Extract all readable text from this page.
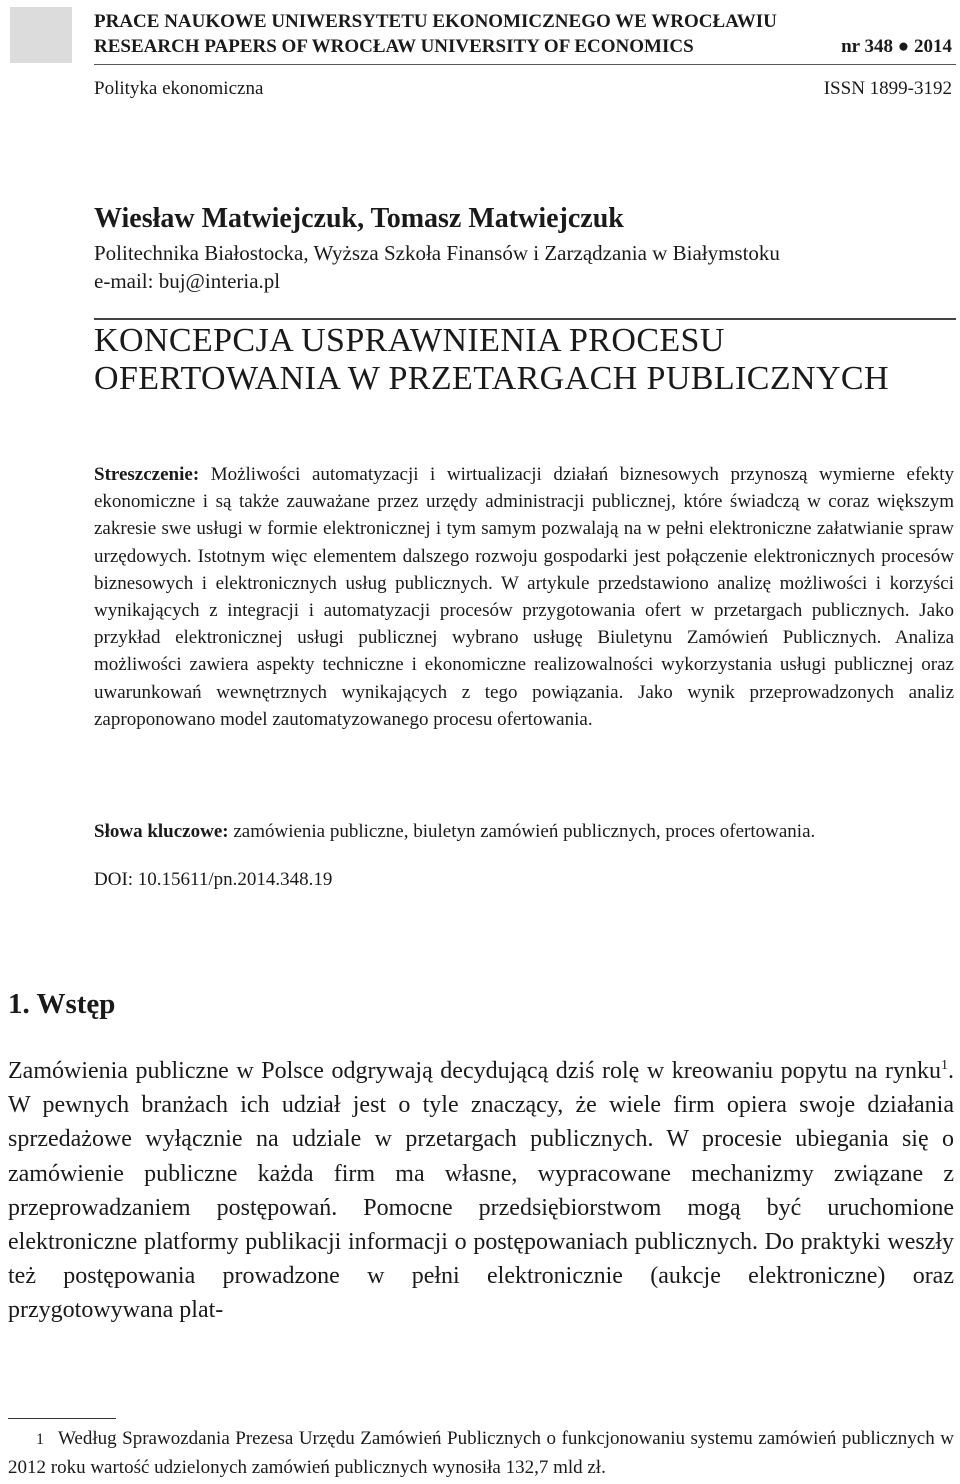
PRACE NAUKOWE UNIWERSYTETU EKONOMICZNEGO WE WROCŁAWIU
RESEARCH PAPERS OF WROCŁAW UNIVERSITY OF ECONOMICS	nr 348 ● 2014
Polityka ekonomiczna	ISSN 1899-3192
Wiesław Matwiejczuk, Tomasz Matwiejczuk
Politechnika Białostocka, Wyższa Szkoła Finansów i Zarządzania w Białymstoku
e-mail: buj@interia.pl
KONCEPCJA USPRAWNIENIA PROCESU
OFERTOWANIA W PRZETARGACH PUBLICZNYCH
Streszczenie: Możliwości automatyzacji i wirtualizacji działań biznesowych przynoszą wymierne efekty ekonomiczne i są także zauważane przez urzędy administracji publicznej, które świadczą w coraz większym zakresie swe usługi w formie elektronicznej i tym samym pozwalają na w pełni elektroniczne załatwianie spraw urzędowych. Istotnym więc elementem dalszego rozwoju gospodarki jest połączenie elektronicznych procesów biznesowych i elektronicznych usług publicznych. W artykule przedstawiono analizę możliwości i korzyści wynikających z integracji i automatyzacji procesów przygotowania ofert w przetargach publicznych. Jako przykład elektronicznej usługi publicznej wybrano usługę Biuletynu Zamówień Publicznych. Analiza możliwości zawiera aspekty techniczne i ekonomiczne realizowalności wykorzystania usługi publicznej oraz uwarunkowań wewnętrznych wynikających z tego powiązania. Jako wynik przeprowadzonych analiz zaproponowano model zautomatyzowanego procesu ofertowania.
Słowa kluczowe: zamówienia publiczne, biuletyn zamówień publicznych, proces ofertowania.
DOI: 10.15611/pn.2014.348.19
1. Wstęp
Zamówienia publiczne w Polsce odgrywają decydującą dziś rolę w kreowaniu popytu na rynku$^1$. W pewnych branżach ich udział jest o tyle znaczący, że wiele firm opiera swoje działania sprzedażowe wyłącznie na udziale w przetargach publicznych. W procesie ubiegania się o zamówienie publiczne każda firm ma własne, wypracowane mechanizmy związane z przeprowadzaniem postępowań. Pomocne przedsiębiorstwom mogą być uruchomione elektroniczne platformy publikacji informacji o postępowaniach publicznych. Do praktyki weszły też postępowania prowadzone w pełni elektronicznie (aukcje elektroniczne) oraz przygotowywana plat-
1 Według Sprawozdania Prezesa Urzędu Zamówień Publicznych o funkcjonowaniu systemu zamówień publicznych w 2012 roku wartość udzielonych zamówień publicznych wynosiła 132,7 mld zł.
